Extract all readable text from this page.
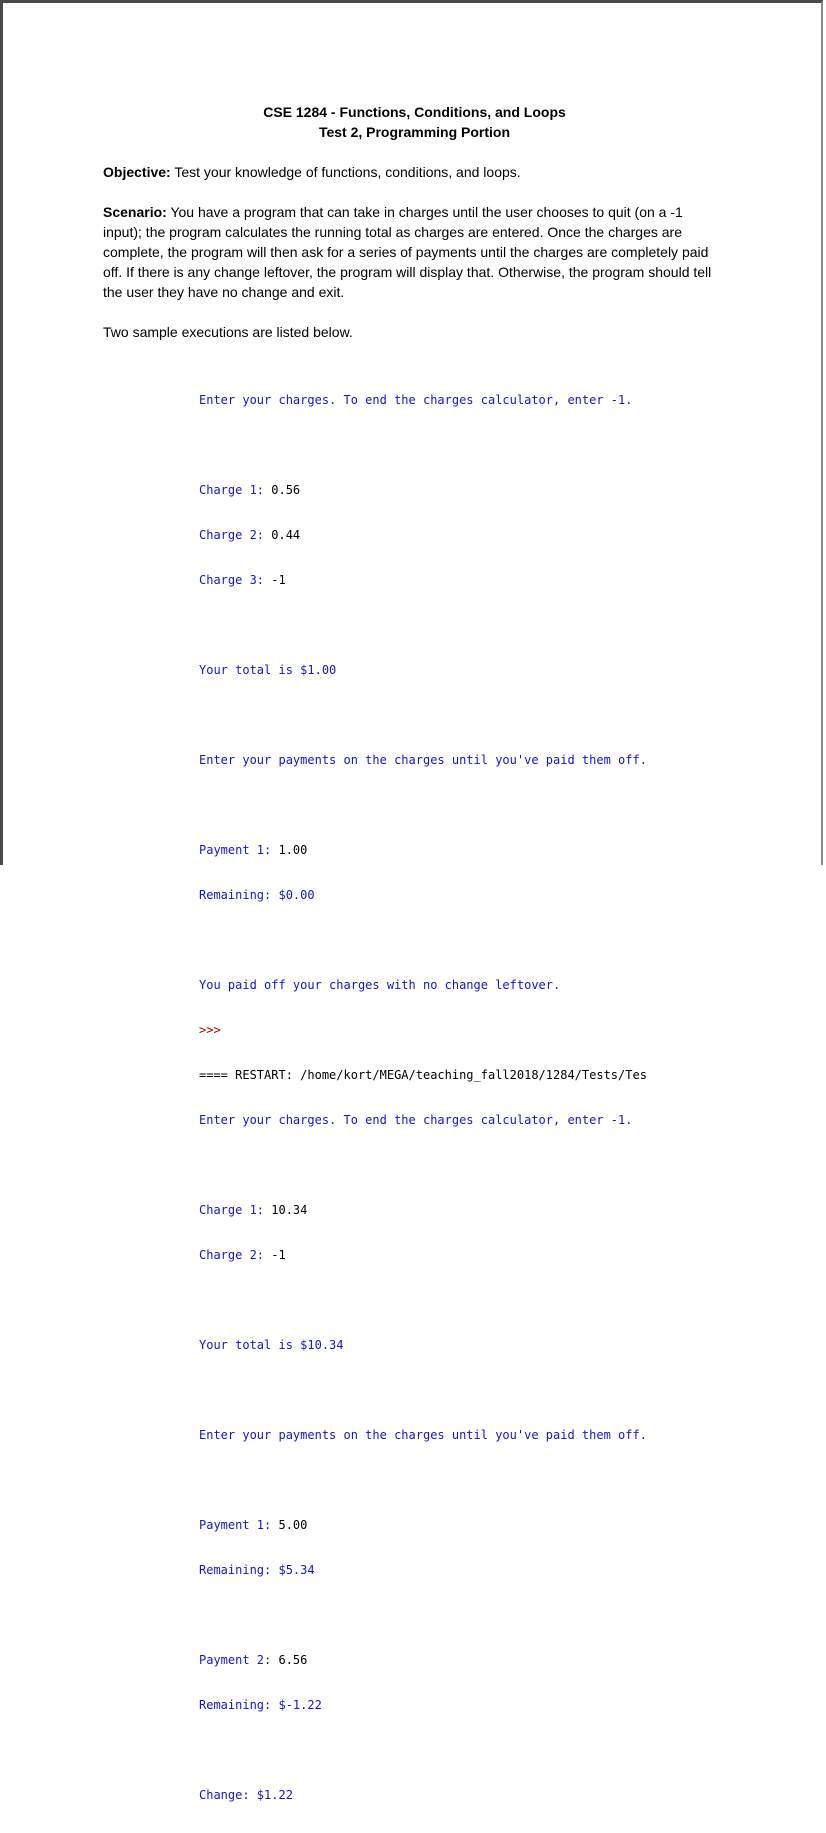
CSE 1284 - Functions, Conditions, and Loops
Test 2, Programming Portion

Objective: Test your knowledge of functions, conditions, and loops.

Scenario: You have a program that can take in charges until the user chooses to quit (on a -1 input); the program calculates the running total as charges are entered. Once the charges are complete, the program will then ask for a series of payments until the charges are completely paid off. If there is any change leftover, the program will display that. Otherwise, the program should tell the user they have no change and exit.

Two sample executions are listed below.

Enter your charges. To end the charges calculator, enter -1.

Charge 1: 0.56

Charge 2: 0.44

Charge 3: -1

Your total is $1.00

Enter your payments on the charges until you've paid them off.

Payment 1: 1.00

Remaining: $0.00

You paid off your charges with no change leftover.

>>>

==== RESTART: /home/kort/MEGA/teaching_fall2018/1284/Tests/Tes

Enter your charges. To end the charges calculator, enter -1.

Charge 1: 10.34

Charge 2: -1

Your total is $10.34

Enter your payments on the charges until you've paid them off.

Payment 1: 5.00

Remaining: $5.34

Payment 2: 6.56

Remaining: $-1.22

Change: $1.22
